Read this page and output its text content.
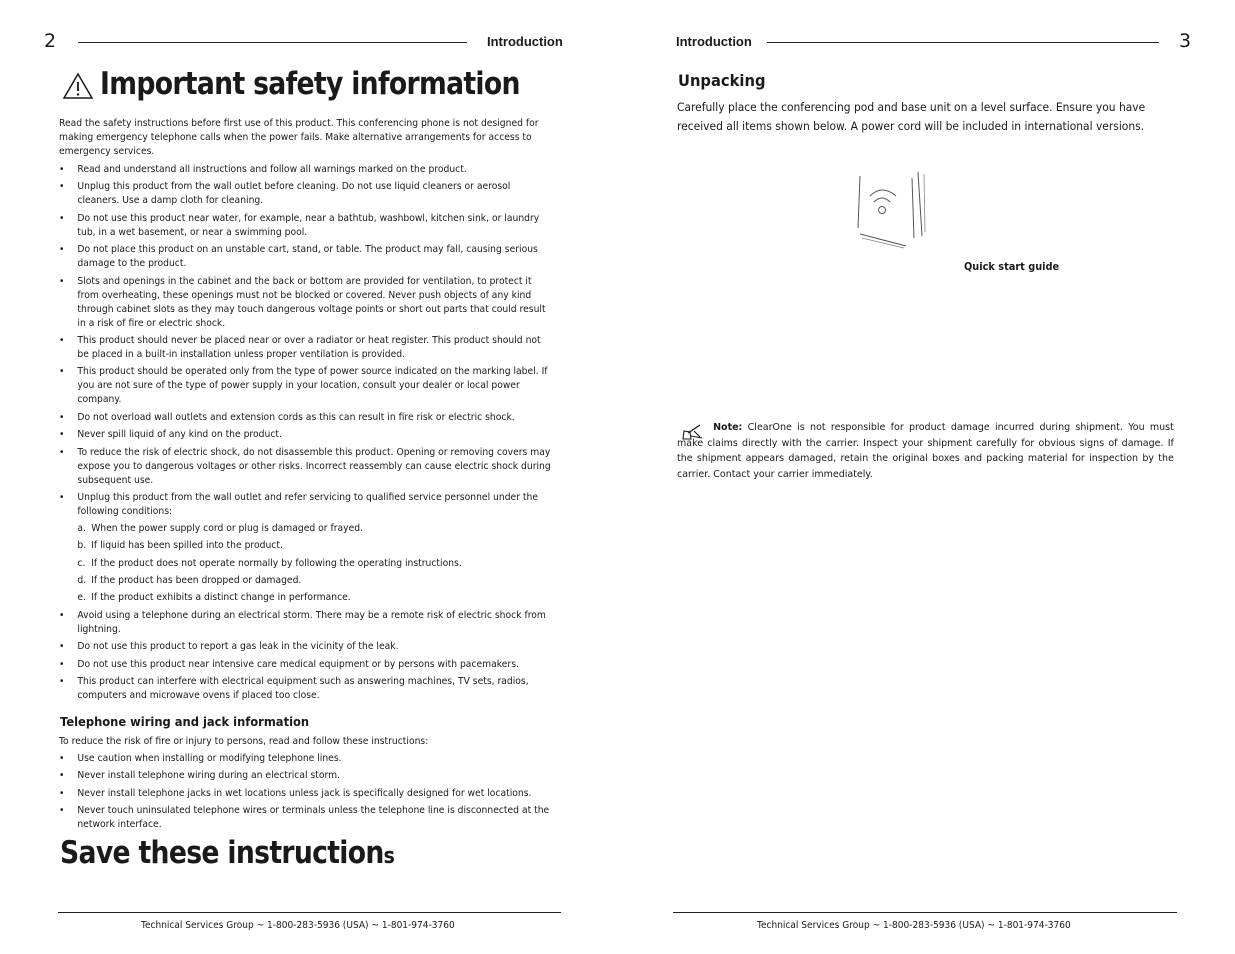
2	Introduction
Important safety information

Read the safety instructions before first use of this product. This conferencing phone is not designed for making emergency telephone calls when the power fails. Make alternative arrangements for access to emergency services.

• Read and understand all instructions and follow all warnings marked on the product.
• Unplug this product from the wall outlet before cleaning. Do not use liquid cleaners or aerosol cleaners. Use a damp cloth for cleaning.
• Do not use this product near water, for example, near a bathtub, washbowl, kitchen sink, or laundry tub, in a wet basement, or near a swimming pool.
• Do not place this product on an unstable cart, stand, or table. The product may fall, causing serious damage to the product.
• Slots and openings in the cabinet and the back or bottom are provided for ventilation, to protect it from overheating, these openings must not be blocked or covered. Never push objects of any kind through cabinet slots as they may touch dangerous voltage points or short out parts that could result in a risk of fire or electric shock.
• This product should never be placed near or over a radiator or heat register. This product should not be placed in a built-in installation unless proper ventilation is provided.
• This product should be operated only from the type of power source indicated on the marking label. If you are not sure of the type of power supply in your location, consult your dealer or local power company.
• Do not overload wall outlets and extension cords as this can result in fire risk or electric shock.
• Never spill liquid of any kind on the product.
• To reduce the risk of electric shock, do not disassemble this product. Opening or removing covers may expose you to dangerous voltages or other risks. Incorrect reassembly can cause electric shock during subsequent use.
• Unplug this product from the wall outlet and refer servicing to qualified service personnel under the following conditions:
a. When the power supply cord or plug is damaged or frayed.
b. If liquid has been spilled into the product.
c. If the product does not operate normally by following the operating instructions.
d. If the product has been dropped or damaged.
e. If the product exhibits a distinct change in performance.
• Avoid using a telephone during an electrical storm. There may be a remote risk of electric shock from lightning.
• Do not use this product to report a gas leak in the vicinity of the leak.
• Do not use this product near intensive care medical equipment or by persons with pacemakers.
• This product can interfere with electrical equipment such as answering machines, TV sets, radios, computers and microwave ovens if placed too close.
Telephone wiring and jack information

To reduce the risk of fire or injury to persons, read and follow these instructions:

• Use caution when installing or modifying telephone lines.
• Never install telephone wiring during an electrical storm.
• Never install telephone jacks in wet locations unless jack is specifically designed for wet locations.
• Never touch uninsulated telephone wires or terminals unless the telephone line is disconnected at the network interface.
Save these instructions
Technical Services Group ~ 1-800-283-5936 (USA) ~ 1-801-974-3760
Introduction	3
Unpacking
Carefully place the conferencing pod and base unit on a level surface. Ensure you have received all items shown below. A power cord will be included in international versions.
Quick start guide
Note: ClearOne is not responsible for product damage incurred during shipment. You must make claims directly with the carrier. Inspect your shipment carefully for obvious signs of damage. If the shipment appears damaged, retain the original boxes and packing material for inspection by the carrier. Contact your carrier immediately.
Technical Services Group ~ 1-800-283-5936 (USA) ~ 1-801-974-3760
